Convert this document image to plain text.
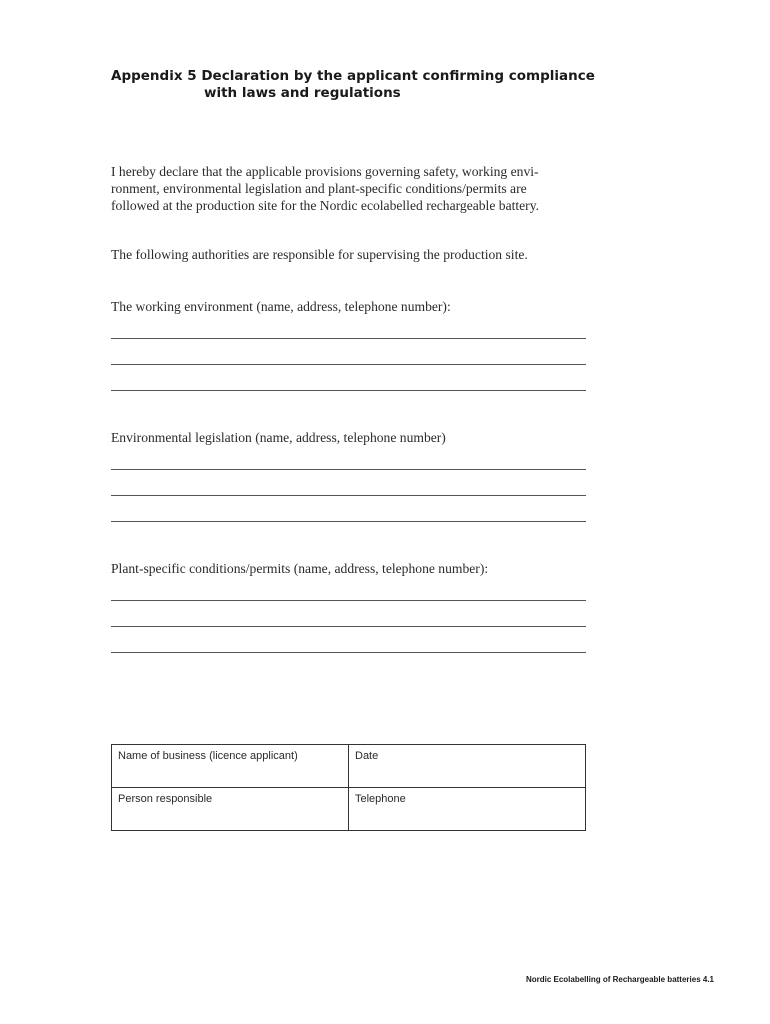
Appendix 5 Declaration by the applicant confirming compliance
with laws and regulations

I hereby declare that the applicable provisions governing safety, working envi-
ronment, environmental legislation and plant-specific conditions/permits are
followed at the production site for the Nordic ecolabelled rechargeable battery.

The following authorities are responsible for supervising the production site.

The working environment (name, address, telephone number):

Environmental legislation (name, address, telephone number)

Plant-specific conditions/permits (name, address, telephone number):

Name of business (licence applicant)	Date
Person responsible	Telephone
Nordic Ecolabelling of Rechargeable batteries 4.1
